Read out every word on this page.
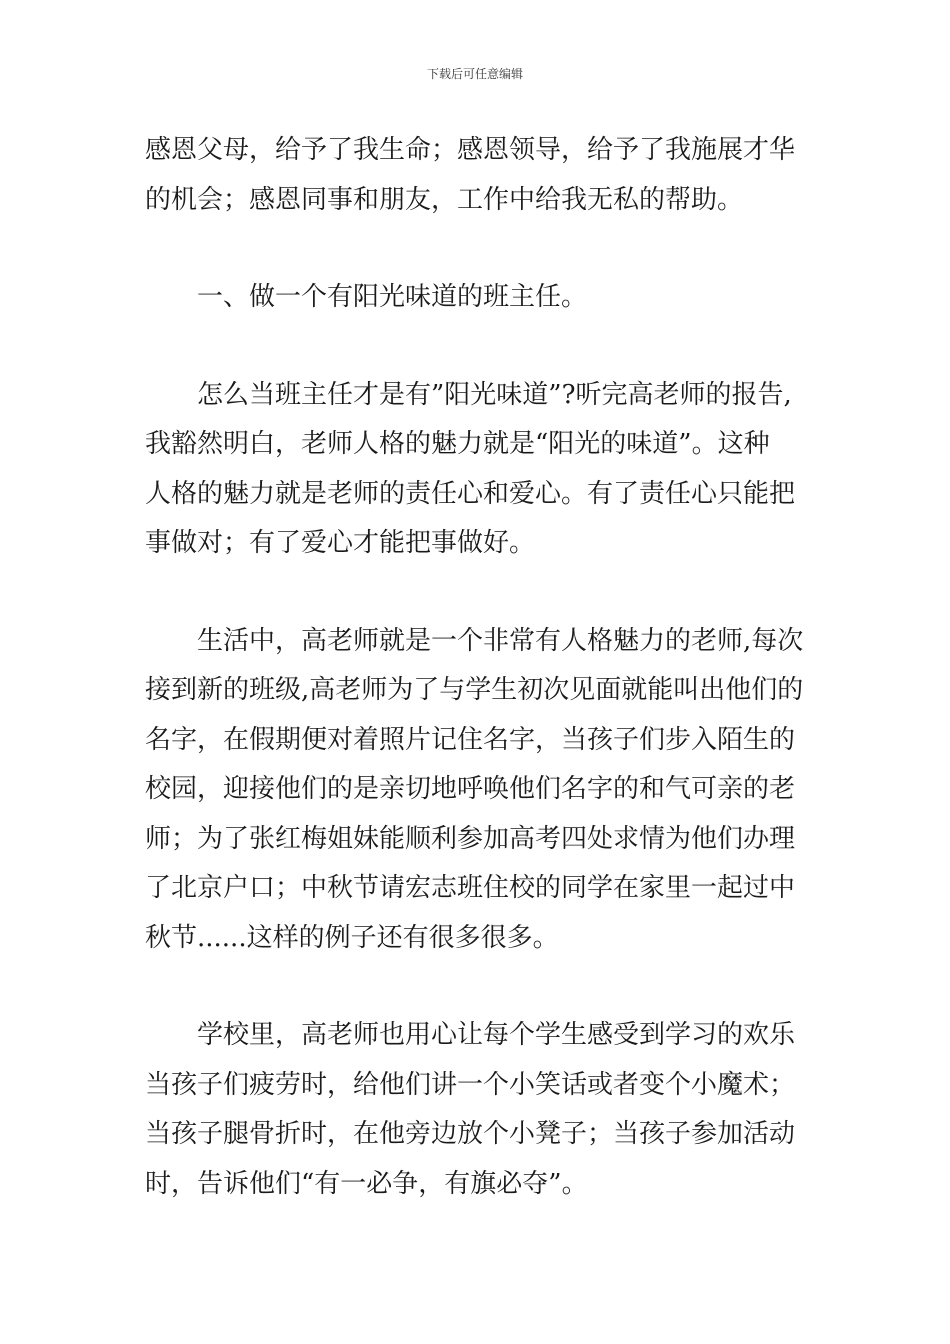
下载后可任意编辑

感恩父母，给予了我生命；感恩领导，给予了我施展才华
的机会；感恩同事和朋友，工作中给我无私的帮助。

一、做一个有阳光味道的班主任。

怎么当班主任才是有”阳光味道”?听完高老师的报告,
我豁然明白，老师人格的魅力就是“阳光的味道”。这种
人格的魅力就是老师的责任心和爱心。有了责任心只能把
事做对；有了爱心才能把事做好。

生活中，高老师就是一个非常有人格魅力的老师,每次
接到新的班级,高老师为了与学生初次见面就能叫出他们的
名字，在假期便对着照片记住名字，当孩子们步入陌生的
校园，迎接他们的是亲切地呼唤他们名字的和气可亲的老
师；为了张红梅姐妹能顺利参加高考四处求情为他们办理
了北京户口；中秋节请宏志班住校的同学在家里一起过中
秋节......这样的例子还有很多很多。

学校里，高老师也用心让每个学生感受到学习的欢乐
当孩子们疲劳时，给他们讲一个小笑话或者变个小魔术；
当孩子腿骨折时，在他旁边放个小凳子；当孩子参加活动
时，告诉他们“有一必争，有旗必夺”。
